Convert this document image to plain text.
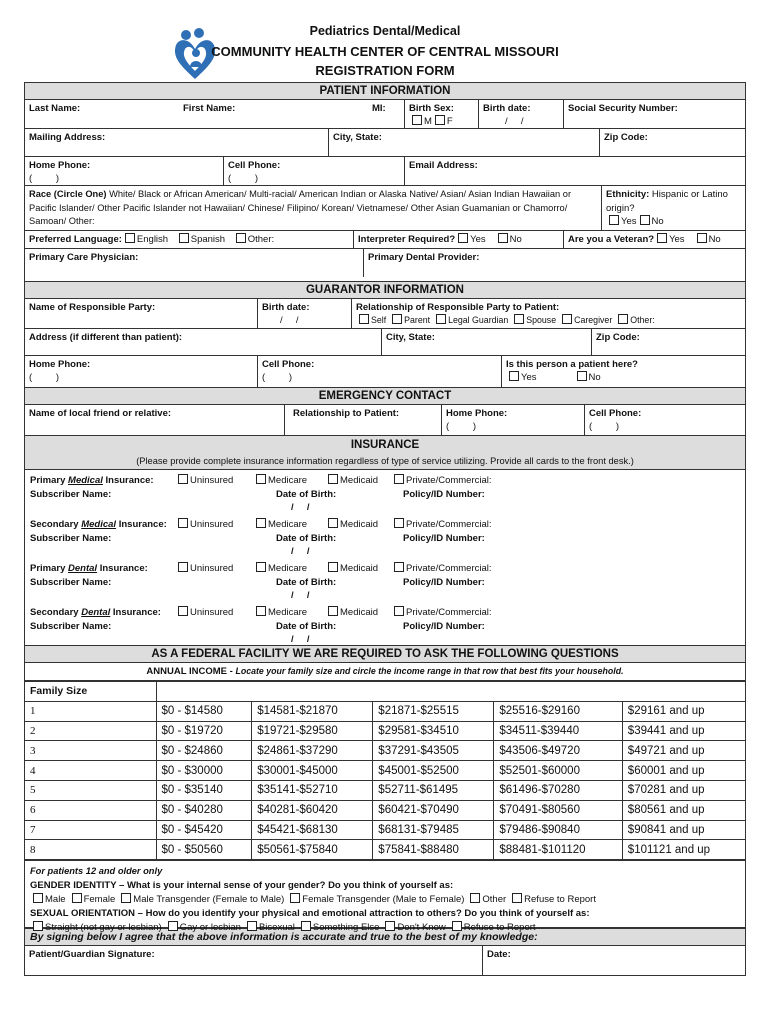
Pediatrics Dental/Medical
COMMUNITY HEALTH CENTER OF CENTRAL MISSOURI
REGISTRATION FORM
PATIENT INFORMATION
Last Name:	First Name:	MI:	Birth Sex:
M F
Birth date:
/     /
Social Security Number:
Mailing Address:	City, State:	Zip Code:
Home Phone:
(         )
Cell Phone:
(         )
Email Address:
Race (Circle One) White/ Black or African American/ Multi-racial/ American Indian or Alaska Native/ Asian/ Asian Indian Hawaiian or Pacific Islander/ Other Pacific Islander not Hawaiian/ Chinese/ Filipino/ Korean/ Vietnamese/ Other Asian Guamanian or Chamorro/ Samoan/ Other:
Ethnicity: Hispanic or Latino origin?
Yes No
Preferred Language: English Spanish Other:	Interpreter Required? Yes	No	Are you a Veteran? Yes	No
Primary Care Physician:	Primary Dental Provider:
GUARANTOR INFORMATION
Name of Responsible Party:	Birth date:
/     /
Relationship of Responsible Party to Patient:
Self Parent Legal Guardian Spouse Caregiver Other:
Address (if different than patient):	City, State:	Zip Code:
Home Phone:
(         )
Cell Phone:
(         )
Is this person a patient here?
Yes	No
EMERGENCY CONTACT
Name of local friend or relative:	Relationship to Patient:	Home Phone:
(         )
Cell Phone:
(         )
INSURANCE
(Please provide complete insurance information regardless of type of service utilizing. Provide all cards to the front desk.)
Primary Medical Insurance:	Uninsured	Medicare	Medicaid	Private/Commercial:
Subscriber Name:	Date of Birth:	Policy/ID Number:
/     /
Secondary Medical Insurance:	Uninsured	Medicare	Medicaid	Private/Commercial:
Subscriber Name:	Date of Birth:	Policy/ID Number:
/     /
Primary Dental Insurance:	Uninsured	Medicare	Medicaid	Private/Commercial:
Subscriber Name:	Date of Birth:	Policy/ID Number:
/     /
Secondary Dental Insurance:	Uninsured	Medicare	Medicaid	Private/Commercial:
Subscriber Name:	Date of Birth:	Policy/ID Number:
/     /
AS A FEDERAL FACILITY WE ARE REQUIRED TO ASK THE FOLLOWING QUESTIONS
ANNUAL INCOME - Locate your family size and circle the income range in that row that best fits your household.
Family Size					
1	$0 - $14580	$14581-$21870	$21871-$25515	$25516-$29160	$29161 and up
2	$0 - $19720	$19721-$29580	$29581-$34510	$34511-$39440	$39441 and up
3	$0 - $24860	$24861-$37290	$37291-$43505	$43506-$49720	$49721 and up
4	$0 - $30000	$30001-$45000	$45001-$52500	$52501-$60000	$60001 and up
5	$0 - $35140	$35141-$52710	$52711-$61495	$61496-$70280	$70281 and up
6	$0 - $40280	$40281-$60420	$60421-$70490	$70491-$80560	$80561 and up
7	$0 - $45420	$45421-$68130	$68131-$79485	$79486-$90840	$90841 and up
8	$0 - $50560	$50561-$75840	$75841-$88480	$88481-$101120	$101121 and up
For patients 12 and older only
GENDER IDENTITY – What is your internal sense of your gender? Do you think of yourself as:
Male Female Male Transgender (Female to Male) Female Transgender (Male to Female) Other Refuse to Report
SEXUAL ORIENTATION – How do you identify your physical and emotional attraction to others? Do you think of yourself as:
Straight (not gay or lesbian) Gay or lesbian Bisexual Something Else Don't Know Refuse to Report
By signing below I agree that the above information is accurate and true to the best of my knowledge:
Patient/Guardian Signature:	Date:
